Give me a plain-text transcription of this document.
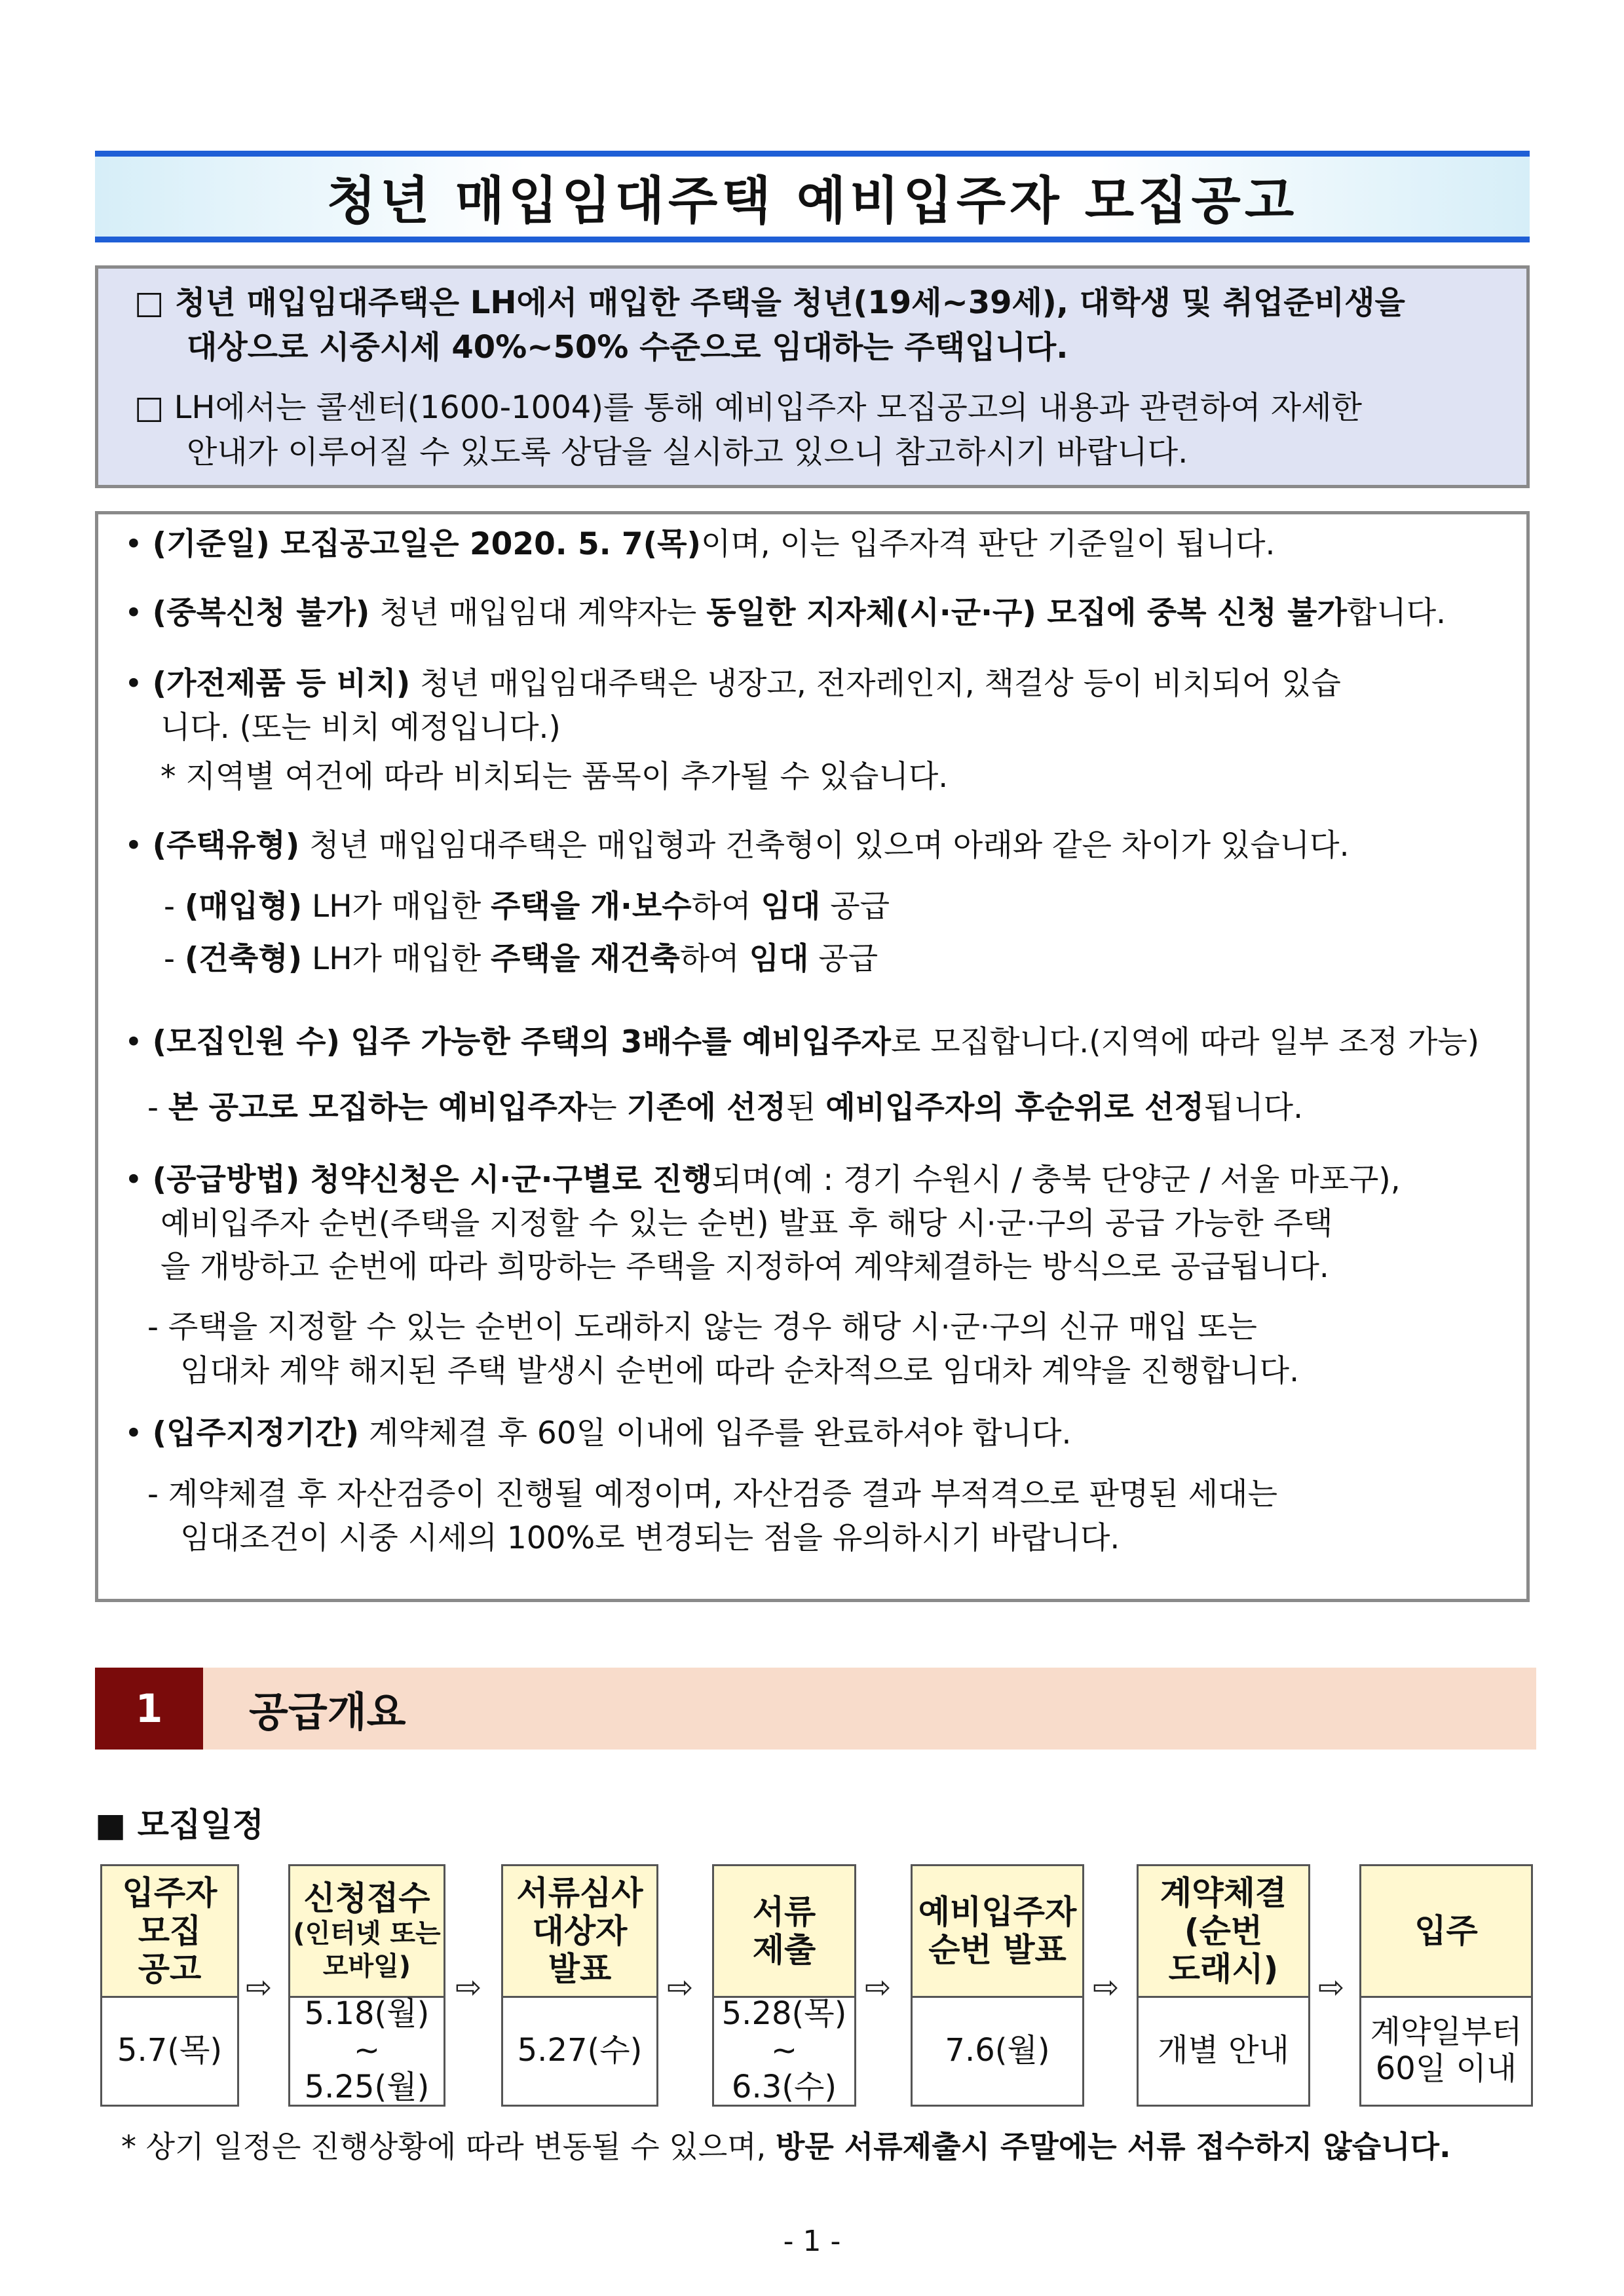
청년 매입임대주택 예비입주자 모집공고
□ 청년 매입임대주택은 LH에서 매입한 주택을 청년(19세~39세), 대학생 및 취업준비생을
대상으로 시중시세 40%~50% 수준으로 임대하는 주택입니다.
□ LH에서는 콜센터(1600-1004)를 통해 예비입주자 모집공고의 내용과 관련하여 자세한
안내가 이루어질 수 있도록 상담을 실시하고 있으니 참고하시기 바랍니다.
• (기준일) 모집공고일은 2020. 5. 7(목)이며, 이는 입주자격 판단 기준일이 됩니다.
• (중복신청 불가) 청년 매입임대 계약자는 동일한 지자체(시·군·구) 모집에 중복 신청 불가합니다.
• (가전제품 등 비치) 청년 매입임대주택은 냉장고, 전자레인지, 책걸상 등이 비치되어 있습
니다. (또는 비치 예정입니다.)
* 지역별 여건에 따라 비치되는 품목이 추가될 수 있습니다.
• (주택유형) 청년 매입임대주택은 매입형과 건축형이 있으며 아래와 같은 차이가 있습니다.
- (매입형) LH가 매입한 주택을 개·보수하여 임대 공급
- (건축형) LH가 매입한 주택을 재건축하여 임대 공급
• (모집인원 수) 입주 가능한 주택의 3배수를 예비입주자로 모집합니다.(지역에 따라 일부 조정 가능)
- 본 공고로 모집하는 예비입주자는 기존에 선정된 예비입주자의 후순위로 선정됩니다.
• (공급방법) 청약신청은 시·군·구별로 진행되며(예 : 경기 수원시 / 충북 단양군 / 서울 마포구),
예비입주자 순번(주택을 지정할 수 있는 순번) 발표 후 해당 시·군·구의 공급 가능한 주택
을 개방하고 순번에 따라 희망하는 주택을 지정하여 계약체결하는 방식으로 공급됩니다.
- 주택을 지정할 수 있는 순번이 도래하지 않는 경우 해당 시·군·구의 신규 매입 또는
임대차 계약 해지된 주택 발생시 순번에 따라 순차적으로 임대차 계약을 진행합니다.
• (입주지정기간) 계약체결 후 60일 이내에 입주를 완료하셔야 합니다.
- 계약체결 후 자산검증이 진행될 예정이며, 자산검증 결과 부적격으로 판명된 세대는
임대조건이 시중 시세의 100%로 변경되는 점을 유의하시기 바랍니다.
1	공급개요
■ 모집일정
입주자
모집
공고
5.7(목)
⇨
신청접수
(인터넷 또는
모바일)
5.18(월)
~
5.25(월)
⇨
서류심사
대상자
발표
5.27(수)
⇨
서류
제출
5.28(목)
~
6.3(수)
⇨
예비입주자
순번 발표
7.6(월)
⇨
계약체결
(순번
도래시)
개별 안내
⇨
입주
계약일부터
60일 이내
* 상기 일정은 진행상황에 따라 변동될 수 있으며, 방문 서류제출시 주말에는 서류 접수하지 않습니다.
- 1 -
